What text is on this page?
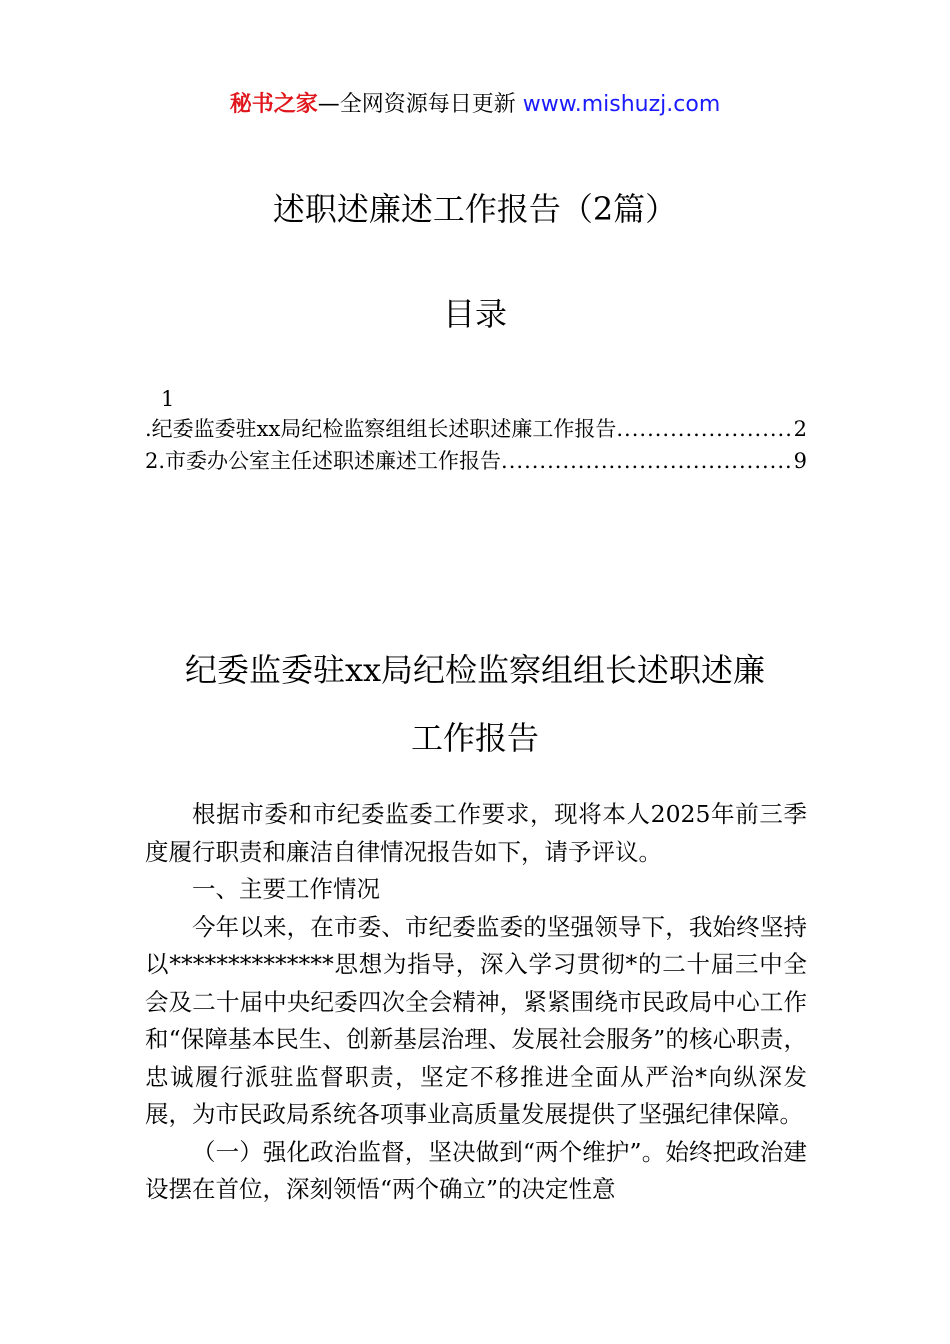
秘书之家—全网资源每日更新 www.mishuzj.com
述职述廉述工作报告（2篇）
目录
1
.纪委监委驻xx局纪检监察组组长述职述廉工作报告 .....	2
2.市委办公室主任述职述廉述工作报告 .....	9
纪委监委驻xx局纪检监察组组长述职述廉
工作报告

根据市委和市纪委监委工作要求，现将本人2025年前三季度履行职责和廉洁自律情况报告如下，请予评议。

一、主要工作情况

今年以来，在市委、市纪委监委的坚强领导下，我始终坚持以**************思想为指导，深入学习贯彻*的二十届三中全会及二十届中央纪委四次全会精神，紧紧围绕市民政局中心工作和“保障基本民生、创新基层治理、发展社会服务”的核心职责，忠诚履行派驻监督职责，坚定不移推进全面从严治*向纵深发展，为市民政局系统各项事业高质量发展提供了坚强纪律保障。

（一）强化政治监督，坚决做到“两个维护”。始终把政治建设摆在首位，深刻领悟“两个确立”的决定性意
